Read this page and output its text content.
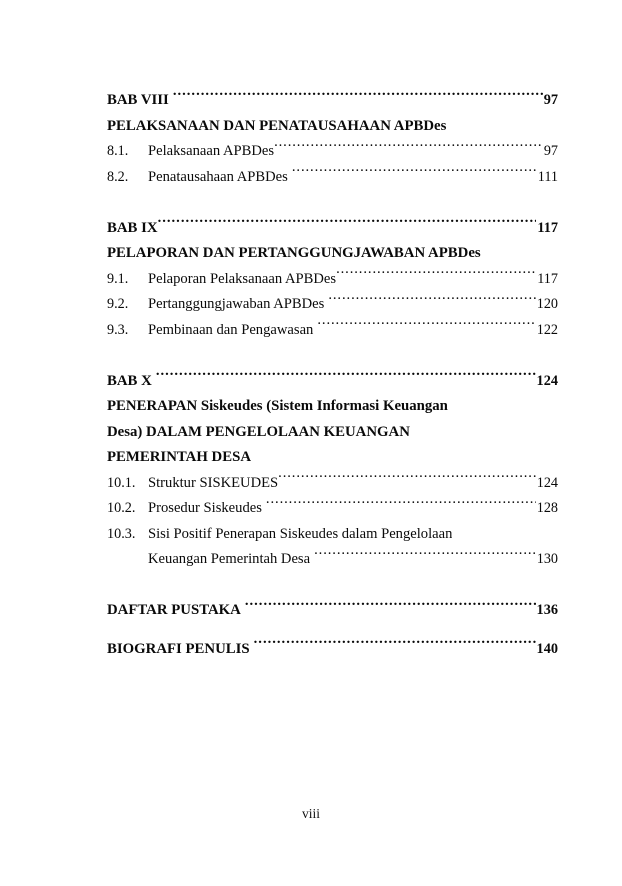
BAB VIII .....	97
PELAKSANAAN DAN PENATAUSAHAAN APBDes
8.1.	Pelaksanaan APBDes .....	97
8.2.	Penatausahaan APBDes .....	111
BAB IX .....	117
PELAPORAN DAN PERTANGGUNGJAWABAN APBDes
9.1.	Pelaporan Pelaksanaan APBDes .....	117
9.2.	Pertanggungjawaban APBDes .....	120
9.3.	Pembinaan dan Pengawasan .....	122
BAB X .....	124
PENERAPAN Siskeudes (Sistem Informasi Keuangan
Desa) DALAM PENGELOLAAN KEUANGAN
PEMERINTAH DESA
10.1. Struktur SISKEUDES .....	124
10.2. Prosedur Siskeudes .....	128
10.3. Sisi Positif Penerapan Siskeudes dalam Pengelolaan
Keuangan Pemerintah Desa .....	130
DAFTAR PUSTAKA .....	136
BIOGRAFI PENULIS .....	140
viii
